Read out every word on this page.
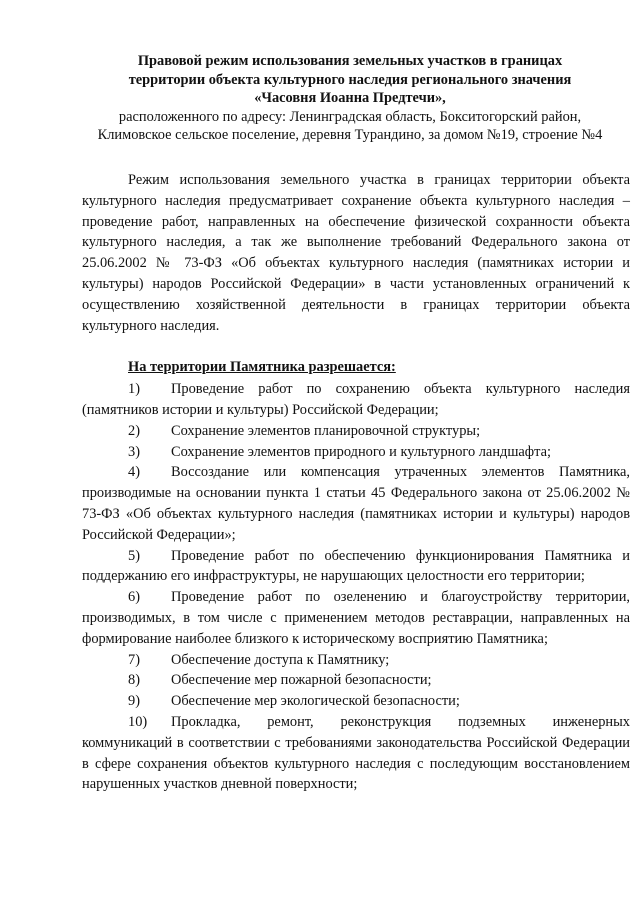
Правовой режим использования земельных участков в границах
территории объекта культурного наследия регионального значения
«Часовня Иоанна Предтечи»,
расположенного по адресу: Ленинградская область, Бокситогорский район,
Климовское сельское поселение, деревня Турандино, за домом №19, строение №4

Режим использования земельного участка в границах территории объекта культурного наследия предусматривает сохранение объекта культурного наследия – проведение работ, направленных на обеспечение физической сохранности объекта культурного наследия, а так же выполнение требований Федерального закона от 25.06.2002 № 73-ФЗ «Об объектах культурного наследия (памятниках истории и культуры) народов Российской Федерации» в части установленных ограничений к осуществлению хозяйственной деятельности в границах территории объекта культурного наследия.

На территории Памятника разрешается:

1) Проведение работ по сохранению объекта культурного наследия (памятников истории и культуры) Российской Федерации;

2) Сохранение элементов планировочной структуры;

3) Сохранение элементов природного и культурного ландшафта;

4) Воссоздание или компенсация утраченных элементов Памятника, производимые на основании пункта 1 статьи 45 Федерального закона от 25.06.2002 № 73-ФЗ «Об объектах культурного наследия (памятниках истории и культуры) народов Российской Федерации»;

5) Проведение работ по обеспечению функционирования Памятника и поддержанию его инфраструктуры, не нарушающих целостности его территории;

6) Проведение работ по озеленению и благоустройству территории, производимых, в том числе с применением методов реставрации, направленных на формирование наиболее близкого к историческому восприятию Памятника;

7) Обеспечение доступа к Памятнику;

8) Обеспечение мер пожарной безопасности;

9) Обеспечение мер экологической безопасности;

10) Прокладка, ремонт, реконструкция подземных инженерных коммуникаций в соответствии с требованиями законодательства Российской Федерации в сфере сохранения объектов культурного наследия с последующим восстановлением нарушенных участков дневной поверхности;
